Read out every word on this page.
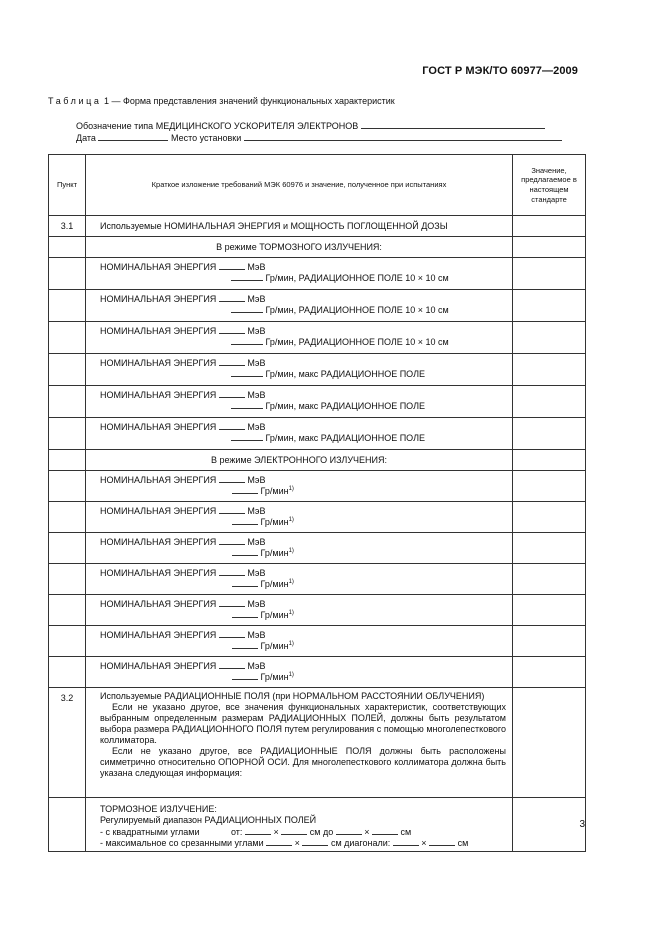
ГОСТ Р МЭК/ТО 60977—2009
Таблица 1 — Форма представления значений функциональных характеристик
Обозначение типа МЕДИЦИНСКОГО УСКОРИТЕЛЯ ЭЛЕКТРОНОВ
Дата	Место установки
Пункт	Краткое изложение требований МЭК 60976 и значение, полученное при испытаниях	Значение, предлагаемое в настоящем стандарте
3.1	Используемые НОМИНАЛЬНАЯ ЭНЕРГИЯ и МОЩНОСТЬ ПОГЛОЩЕННОЙ ДОЗЫ	

	В режиме ТОРМОЗНОГО ИЗЛУЧЕНИЯ:	

	НОМИНАЛЬНАЯ ЭНЕРГИЯ МэВ
Гр/мин, РАДИАЦИОННОЕ ПОЛЕ 10 × 10 см	

	НОМИНАЛЬНАЯ ЭНЕРГИЯ МэВ
Гр/мин, РАДИАЦИОННОЕ ПОЛЕ 10 × 10 см	

	НОМИНАЛЬНАЯ ЭНЕРГИЯ МэВ
Гр/мин, РАДИАЦИОННОЕ ПОЛЕ 10 × 10 см	

	НОМИНАЛЬНАЯ ЭНЕРГИЯ МэВ
Гр/мин, макс РАДИАЦИОННОЕ ПОЛЕ	

	НОМИНАЛЬНАЯ ЭНЕРГИЯ МэВ
Гр/мин, макс РАДИАЦИОННОЕ ПОЛЕ	

	НОМИНАЛЬНАЯ ЭНЕРГИЯ МэВ
Гр/мин, макс РАДИАЦИОННОЕ ПОЛЕ	

	В режиме ЭЛЕКТРОННОГО ИЗЛУЧЕНИЯ:	

	НОМИНАЛЬНАЯ ЭНЕРГИЯ МэВ
Гр/мин$^{1)}$

	НОМИНАЛЬНАЯ ЭНЕРГИЯ МэВ
Гр/мин$^{1)}$

	НОМИНАЛЬНАЯ ЭНЕРГИЯ МэВ
Гр/мин$^{1)}$

	НОМИНАЛЬНАЯ ЭНЕРГИЯ МэВ
Гр/мин$^{1)}$

	НОМИНАЛЬНАЯ ЭНЕРГИЯ МэВ
Гр/мин$^{1)}$

	НОМИНАЛЬНАЯ ЭНЕРГИЯ МэВ
Гр/мин$^{1)}$

	НОМИНАЛЬНАЯ ЭНЕРГИЯ МэВ
Гр/мин$^{1)}$

3.2	Используемые РАДИАЦИОННЫЕ ПОЛЯ (при НОРМАЛЬНОМ РАССТОЯНИИ ОБЛУЧЕНИЯ)
Если не указано другое, все значения функциональных характеристик, соответствующих выбранным определенным размерам РАДИАЦИОННЫХ ПОЛЕЙ, должны быть результатом выбора размера РАДИАЦИОННОГО ПОЛЯ путем регулирования с помощью многолепесткового коллиматора.
Если не указано другое, все РАДИАЦИОННЫЕ ПОЛЯ должны быть расположены симметрично относительно ОПОРНОЙ ОСИ. Для многолепесткового коллиматора должна быть указана следующая информация:	

	ТОРМОЗНОЕ ИЗЛУЧЕНИЕ:
Регулируемый диапазон РАДИАЦИОННЫХ ПОЛЕЙ
- с квадратными углами от: × см до × см
- максимальное со срезанными углами × см диагонали: × см	

3
